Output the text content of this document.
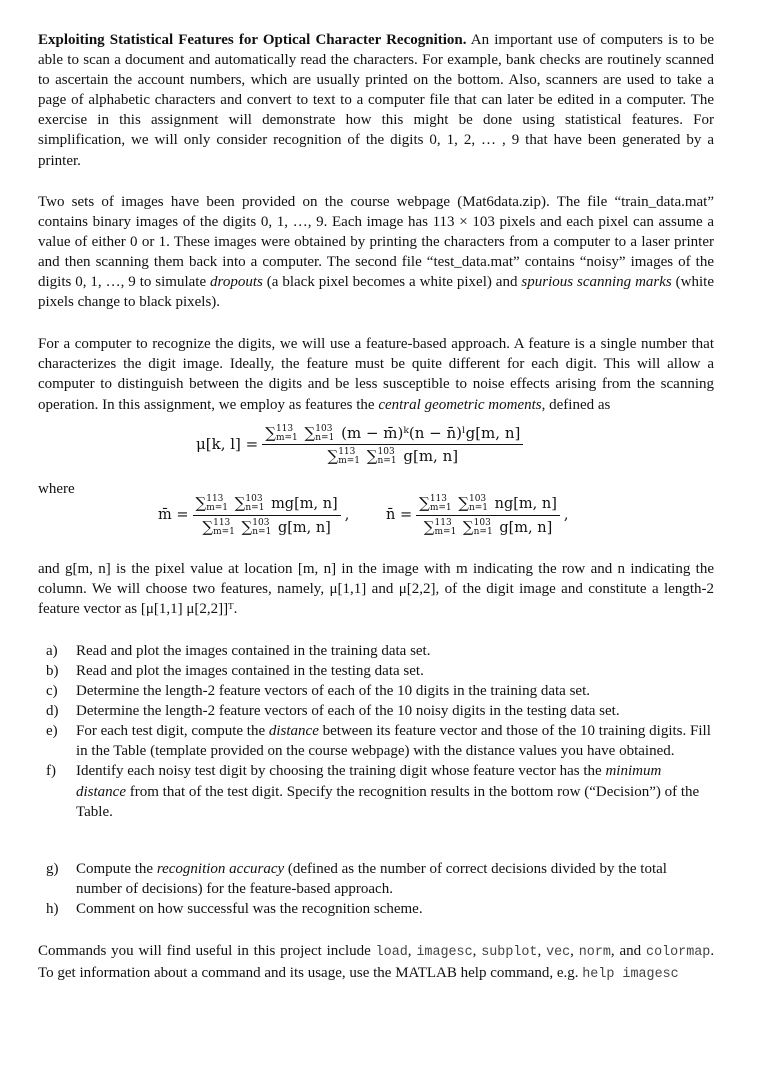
Exploiting Statistical Features for Optical Character Recognition. An important use of computers is to be able to scan a document and automatically read the characters. For example, bank checks are routinely scanned to ascertain the account numbers, which are usually printed on the bottom. Also, scanners are used to take a page of alphabetic characters and convert to text to a computer file that can later be edited in a computer. The exercise in this assignment will demonstrate how this might be done using statistical features. For simplification, we will only consider recognition of the digits 0, 1, 2, … , 9 that have been generated by a printer.

Two sets of images have been provided on the course webpage (Mat6data.zip). The file “train_data.mat” contains binary images of the digits 0, 1, …, 9. Each image has 113 × 103 pixels and each pixel can assume a value of either 0 or 1. These images were obtained by printing the characters from a computer to a laser printer and then scanning them back into a computer. The second file “test_data.mat” contains “noisy” images of the digits 0, 1, …, 9 to simulate dropouts (a black pixel becomes a white pixel) and spurious scanning marks (white pixels change to black pixels).

For a computer to recognize the digits, we will use a feature-based approach. A feature is a single number that characterizes the digit image. Ideally, the feature must be quite different for each digit. This will allow a computer to distinguish between the digits and be less susceptible to noise effects arising from the scanning operation. In this assignment, we employ as features the central geometric moments, defined as

μ[k, l] =
∑ 113
m=1 ∑ 103
n=1 (m − m̄)ᵏ(n − n̄)ˡg[m, n]
∑ 113
m=1 ∑ 103
n=1 g[m, n]
where
m̄ = ∑ 113
m=1 ∑ 103
n=1 mg[m, n]
∑ 113
m=1 ∑ 103
n=1 g[m, n] ,	n̄ = ∑ 113
m=1 ∑ 103
n=1 ng[m, n]
∑ 113
m=1 ∑ 103
n=1 g[m, n] ,

and g[m, n] is the pixel value at location [m, n] in the image with m indicating the row and n indicating the column. We will choose two features, namely, μ[1,1] and μ[2,2], of the digit image and constitute a length-2 feature vector as [μ[1,1] μ[2,2]]ᵀ.

a) Read and plot the images contained in the training data set.
b) Read and plot the images contained in the testing data set.
c) Determine the length-2 feature vectors of each of the 10 digits in the training data set.
d) Determine the length-2 feature vectors of each of the 10 noisy digits in the testing data set.
e) For each test digit, compute the distance between its feature vector and those of the 10 training digits. Fill in the Table (template provided on the course webpage) with the distance values you have obtained.
f) Identify each noisy test digit by choosing the training digit whose feature vector has the minimum distance from that of the test digit. Specify the recognition results in the bottom row (“Decision”) of the Table.
g) Compute the recognition accuracy (defined as the number of correct decisions divided by the total number of decisions) for the feature-based approach.
h) Comment on how successful was the recognition scheme.

Commands you will find useful in this project include load, imagesc, subplot, vec, norm, and colormap. To get information about a command and its usage, use the MATLAB help command, e.g. help imagesc
